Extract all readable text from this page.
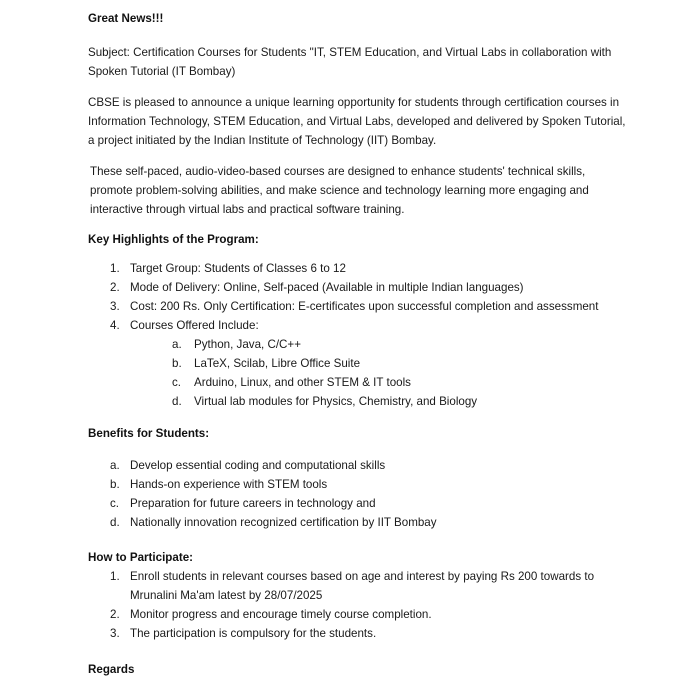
Great News!!!

Subject: Certification Courses for Students "IT, STEM Education, and Virtual Labs in collaboration with Spoken Tutorial (IT Bombay)

CBSE is pleased to announce a unique learning opportunity for students through certification courses in Information Technology, STEM Education, and Virtual Labs, developed and delivered by Spoken Tutorial, a project initiated by the Indian Institute of Technology (IIT) Bombay.

These self-paced, audio-video-based courses are designed to enhance students' technical skills, promote problem-solving abilities, and make science and technology learning more engaging and interactive through virtual labs and practical software training.

Key Highlights of the Program:

1. Target Group: Students of Classes 6 to 12
2. Mode of Delivery: Online, Self-paced (Available in multiple Indian languages)
3. Cost: 200 Rs. Only Certification: E-certificates upon successful completion and assessment
4. Courses Offered Include:
a.	Python, Java, C/C++
b.	LaTeX, Scilab, Libre Office Suite
c.	Arduino, Linux, and other STEM & IT tools
d.	Virtual lab modules for Physics, Chemistry, and Biology

Benefits for Students:

a. Develop essential coding and computational skills
b. Hands-on experience with STEM tools
c. Preparation for future careers in technology and
d. Nationally innovation recognized certification by IIT Bombay

How to Participate:

1. Enroll students in relevant courses based on age and interest by paying Rs 200 towards to Mrunalini Ma'am latest by 28/07/2025
2. Monitor progress and encourage timely course completion.
3. The participation is compulsory for the students.

Regards
